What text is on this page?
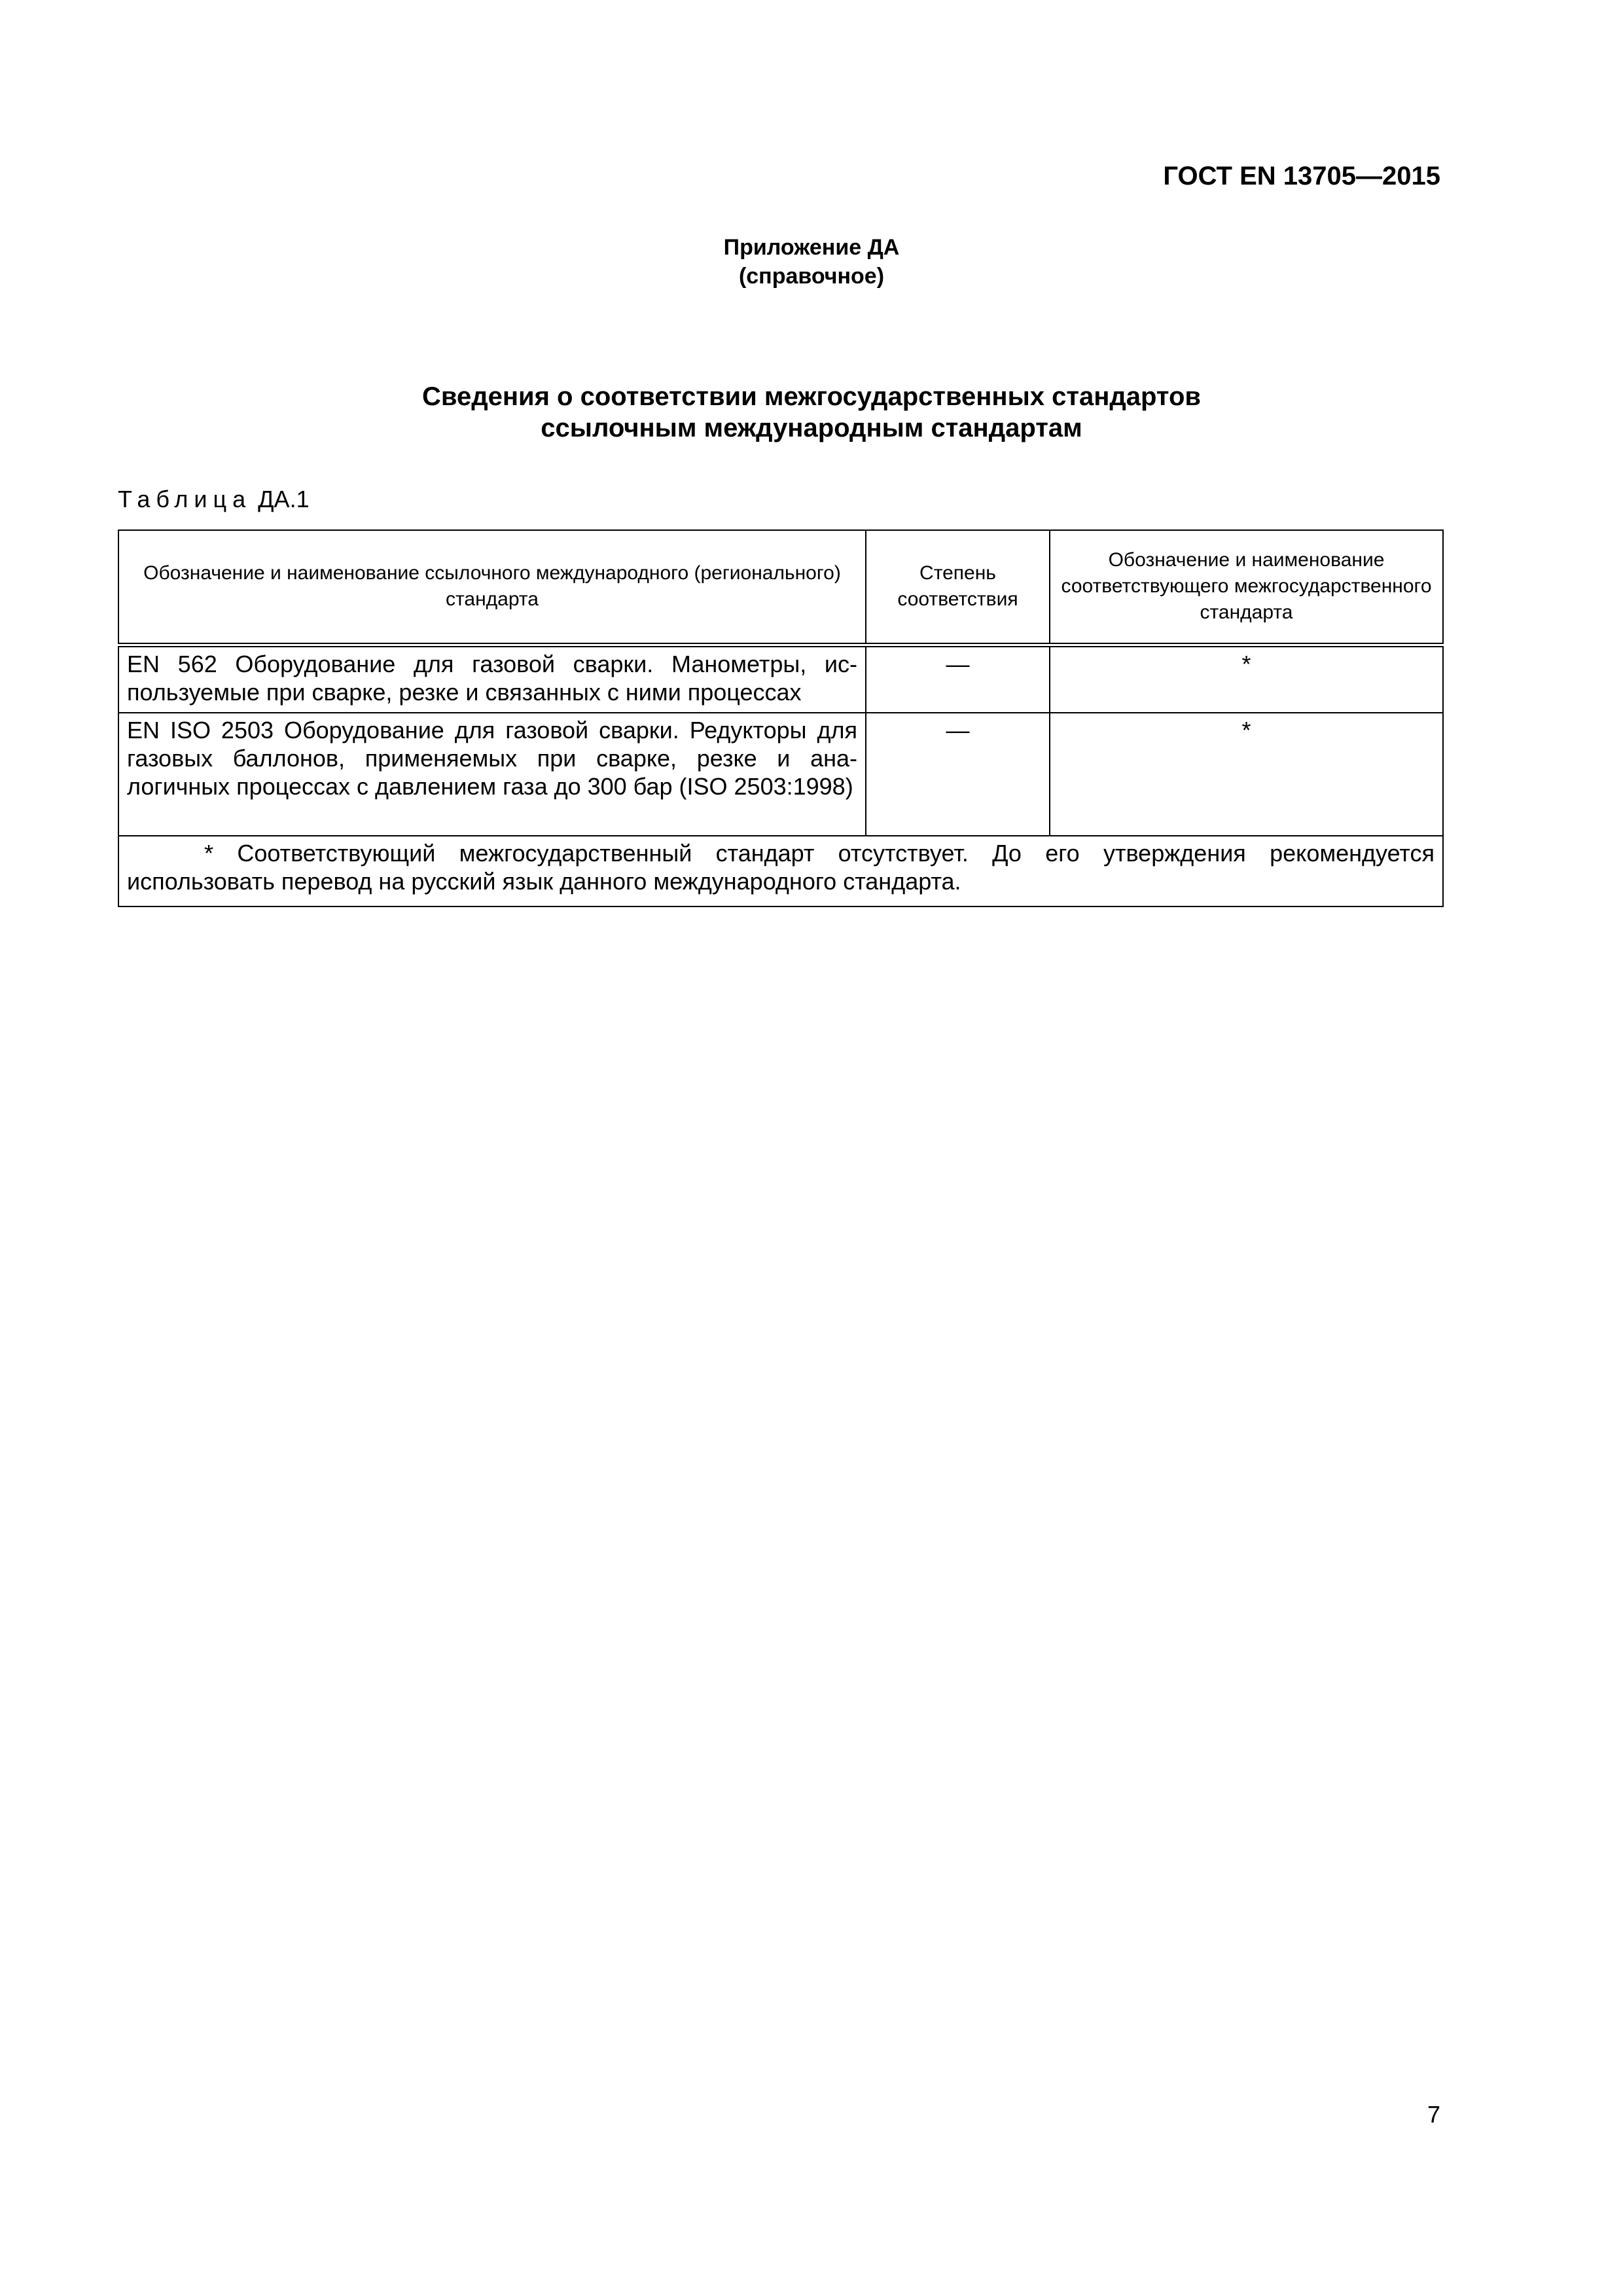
ГОСТ EN 13705—2015
Приложение ДА
(справочное)
Сведения о соответствии межгосударственных стандартов
ссылочным международным стандартам
Таблица ДА.1
Обозначение и наименование ссылочного международного (регионального) стандарта	Степень соответствия	Обозначение и наименование соответствующего межгосударственного стандарта
EN 562 Оборудование для газовой сварки. Манометры, используемые при сварке, резке и связанных с ними процессах	—	*
EN ISO 2503 Оборудование для газовой сварки. Редукторы для газовых баллонов, применяемых при сварке, резке и аналогичных процессах с давлением газа до 300 бар (ISO 2503:1998)	—	*
* Соответствующий межгосударственный стандарт отсутствует. До его утверждения рекомендуется использовать перевод на русский язык данного международного стандарта.		
7
